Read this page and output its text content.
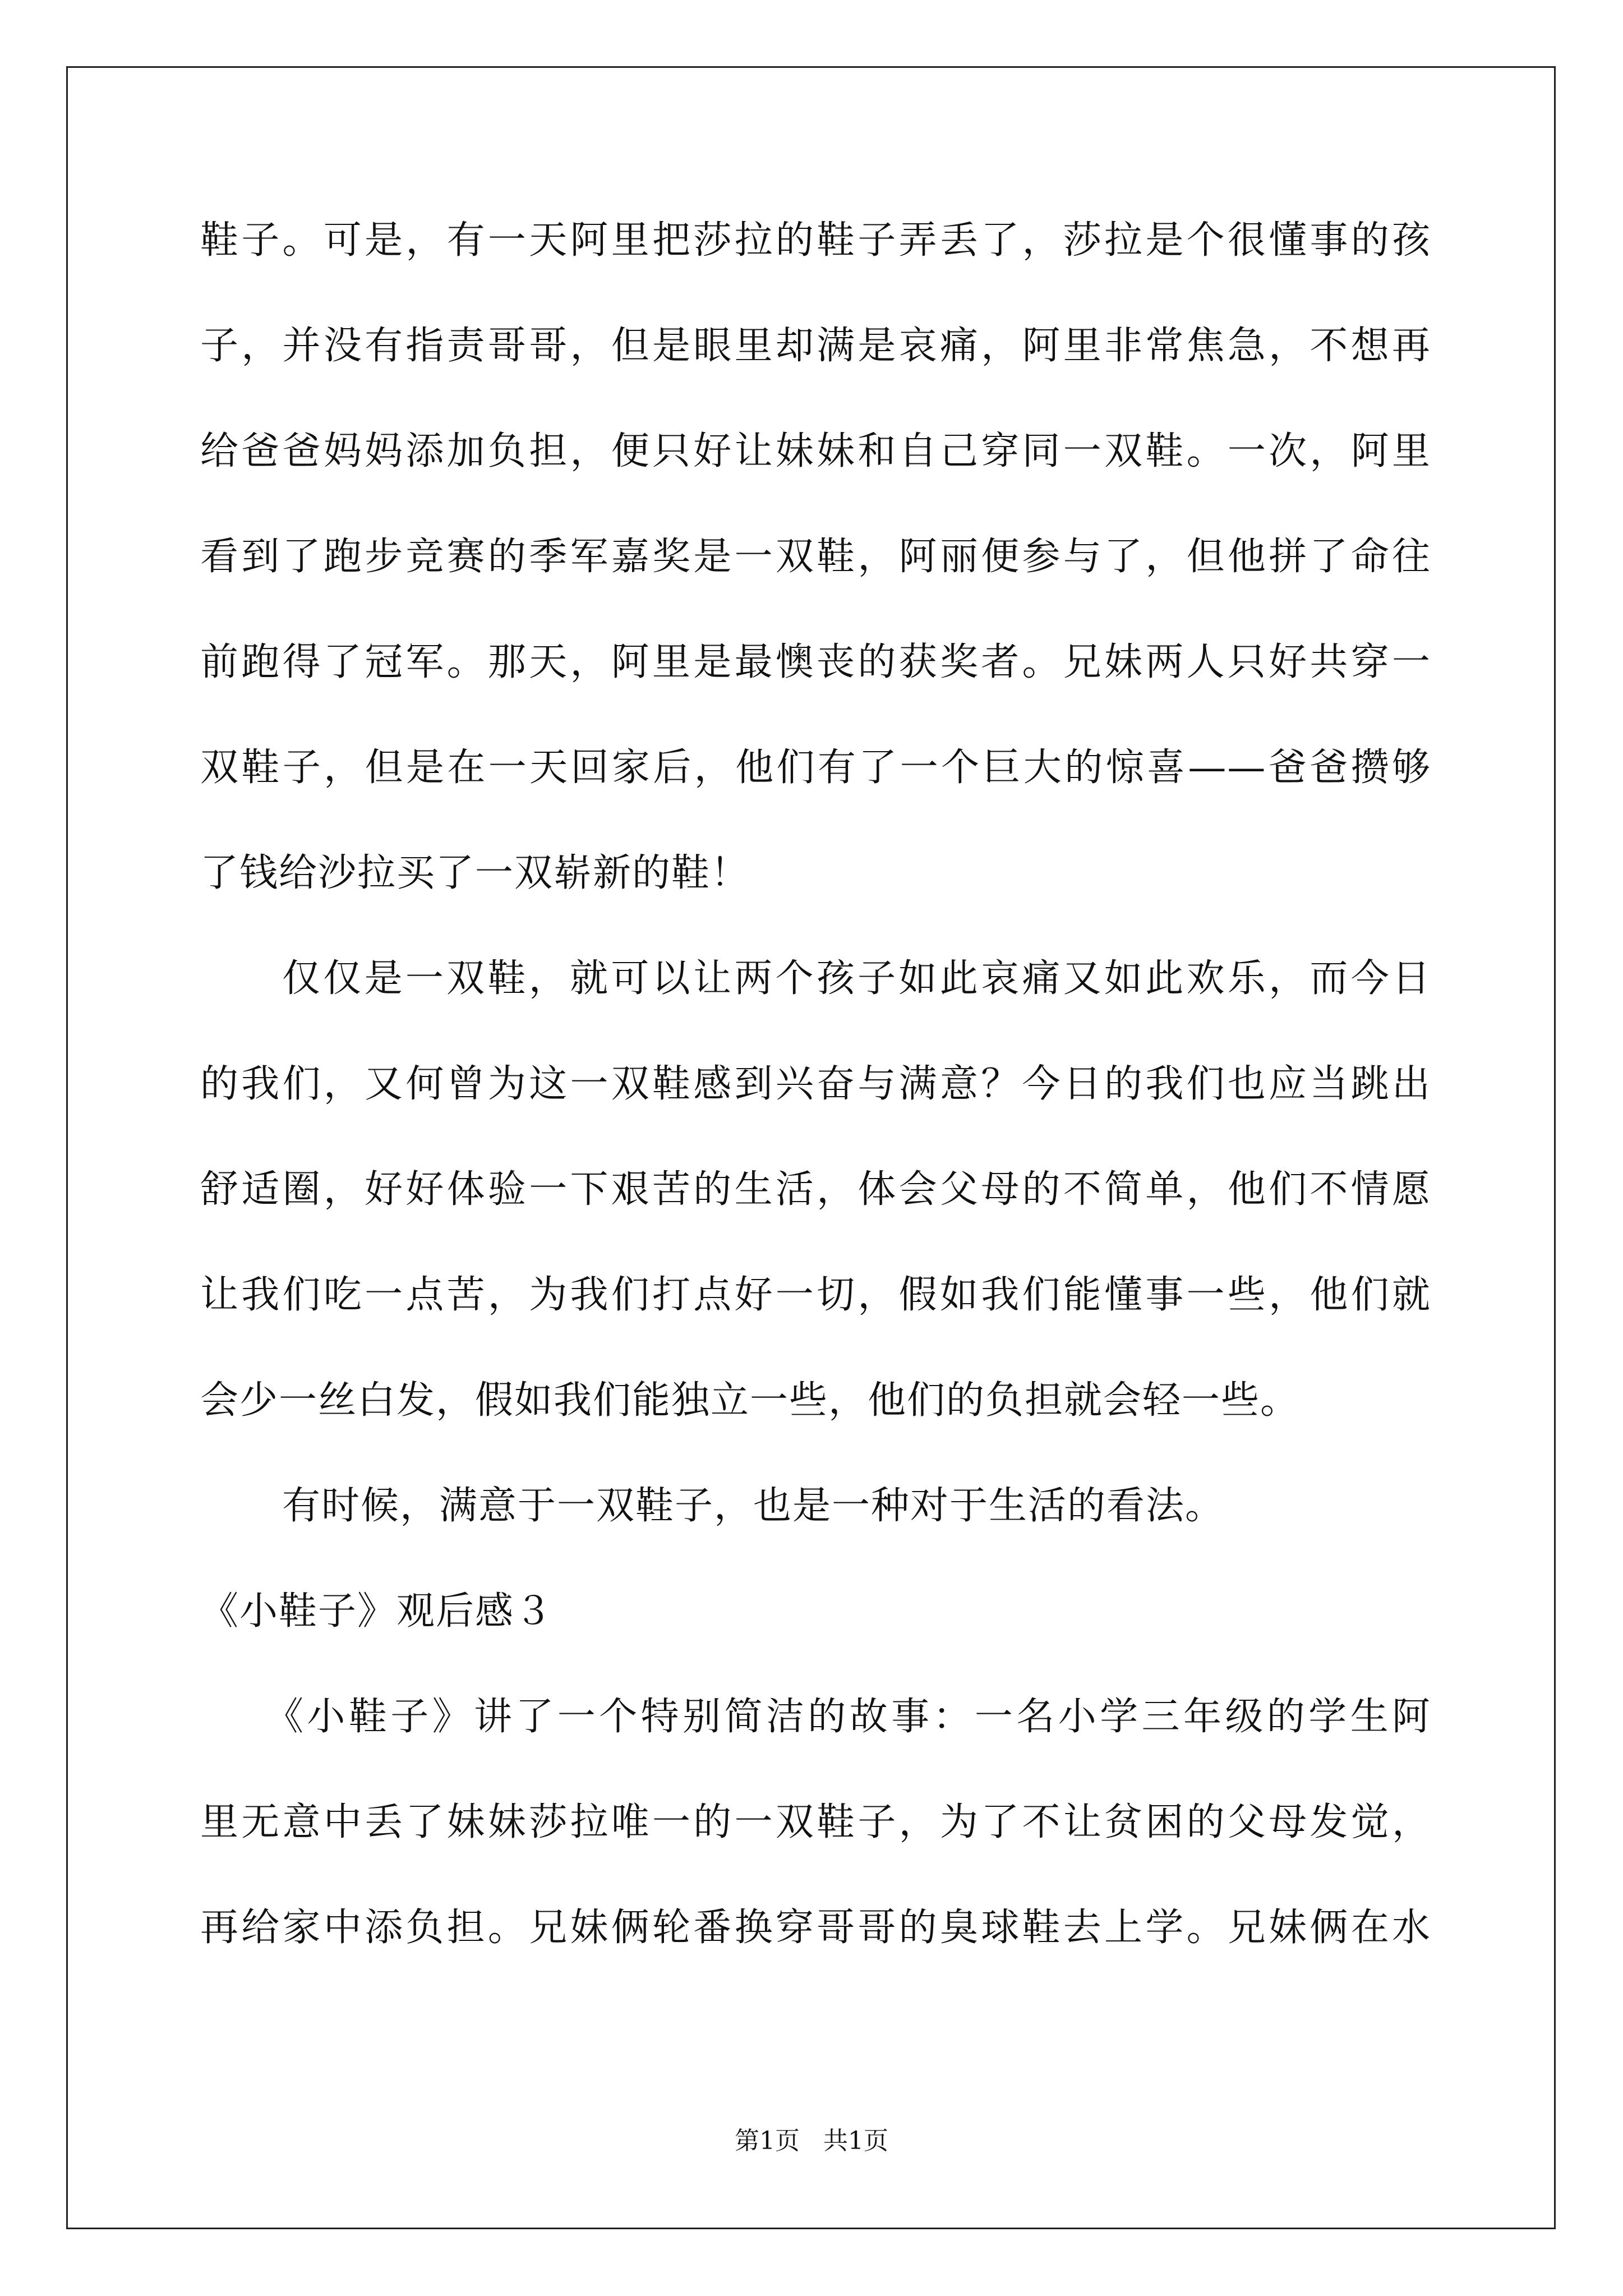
鞋子。可是，有一天阿里把莎拉的鞋子弄丢了，莎拉是个很懂事的孩
子，并没有指责哥哥，但是眼里却满是哀痛，阿里非常焦急，不想再
给爸爸妈妈添加负担，便只好让妹妹和自己穿同一双鞋。一次，阿里
看到了跑步竞赛的季军嘉奖是一双鞋，阿丽便参与了，但他拼了命往
前跑得了冠军。那天，阿里是最懊丧的获奖者。兄妹两人只好共穿一
双鞋子，但是在一天回家后，他们有了一个巨大的惊喜——爸爸攒够
了钱给沙拉买了一双崭新的鞋！
仅仅是一双鞋，就可以让两个孩子如此哀痛又如此欢乐，而今日
的我们，又何曾为这一双鞋感到兴奋与满意？今日的我们也应当跳出
舒适圈，好好体验一下艰苦的生活，体会父母的不简单，他们不情愿
让我们吃一点苦，为我们打点好一切，假如我们能懂事一些，他们就
会少一丝白发，假如我们能独立一些，他们的负担就会轻一些。
有时候，满意于一双鞋子，也是一种对于生活的看法。
《小鞋子》观后感３
《小鞋子》讲了一个特别简洁的故事：一名小学三年级的学生阿
里无意中丢了妹妹莎拉唯一的一双鞋子，为了不让贫困的父母发觉，
再给家中添负担。兄妹俩轮番换穿哥哥的臭球鞋去上学。兄妹俩在水
第1页   共1页
